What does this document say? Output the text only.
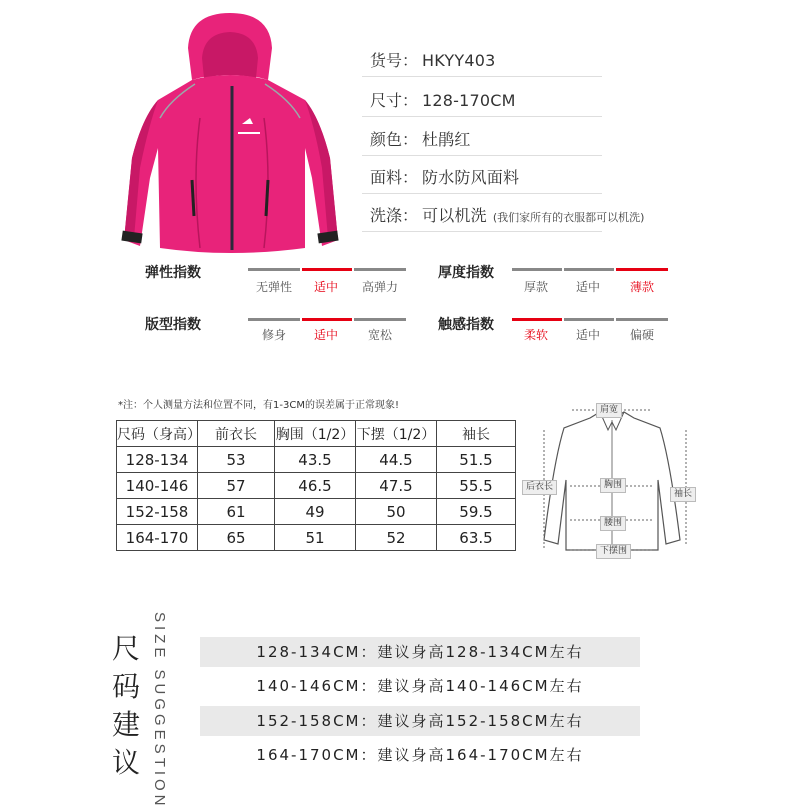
货号： HKYY403
尺寸： 128-170CM
颜色： 杜鹃红
面料： 防水防风面料
洗涤： 可以机洗 (我们家所有的衣服都可以机洗)
弹性指数
无弹性	适中	高弹力
厚度指数
厚款	适中	薄款
版型指数
修身	适中	宽松
触感指数
柔软	适中	偏硬
*注：个人测量方法和位置不同，有1-3CM的误差属于正常现象!
尺码（身高）	前衣长	胸围（1/2）	下摆（1/2）	袖长
128-134	53	43.5	44.5	51.5
140-146	57	46.5	47.5	55.5
152-158	61	49	50	59.5
164-170	65	51	52	63.5
肩宽
后衣长	胸围
袖长
腰围
下摆围
尺
码
建
议 SIZE SUGGESTION	128-134CM：建议身高128-134CM左右
140-146CM：建议身高140-146CM左右
152-158CM：建议身高152-158CM左右
164-170CM：建议身高164-170CM左右
